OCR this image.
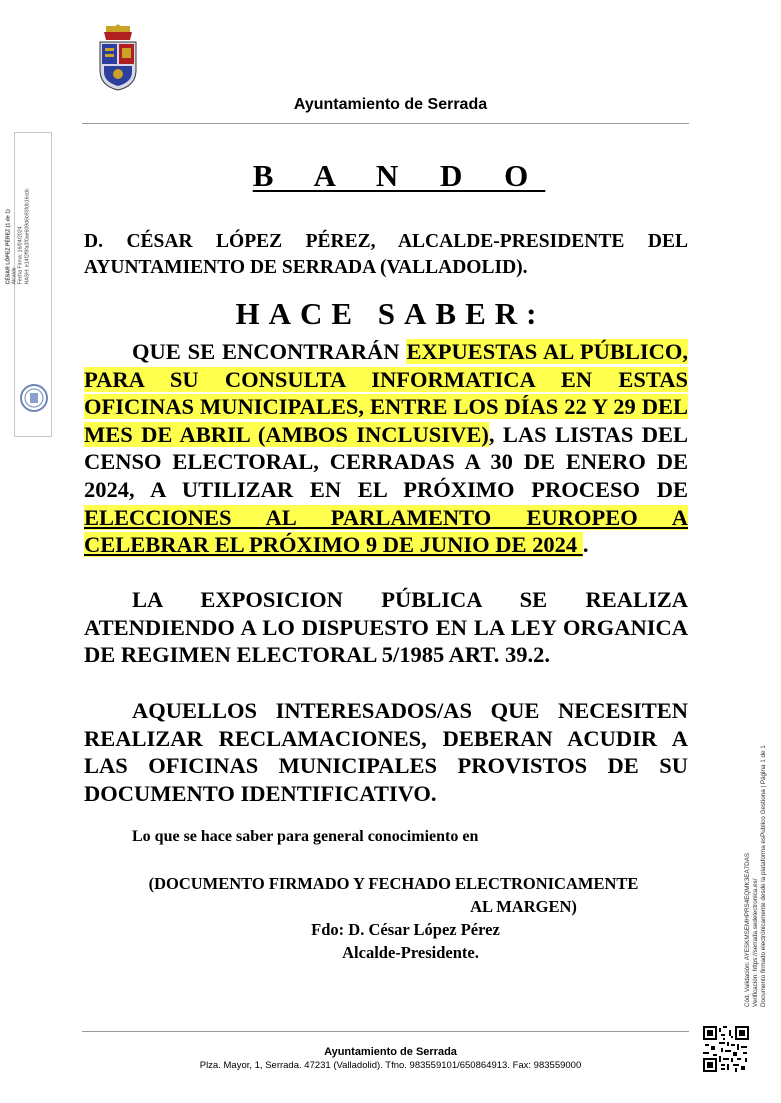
Ayuntamiento de Serrada
CÉSAR LÓPEZ PÉREZ (1 de 1) Alcalde Fecha Firma: 16/04/2024 HASH: e14f2f9fa3f0ae609d6b93fdb16cdc
B A N D O
D. CÉSAR LÓPEZ PÉREZ, ALCALDE-PRESIDENTE DEL AYUNTAMIENTO DE SERRADA (VALLADOLID).
HACE SABER:
QUE SE ENCONTRARÁN EXPUESTAS AL PÚBLICO, PARA SU CONSULTA INFORMATICA EN ESTAS OFICINAS MUNICIPALES, ENTRE LOS DÍAS 22 Y 29 DEL MES DE ABRIL (AMBOS INCLUSIVE), LAS LISTAS DEL CENSO ELECTORAL, CERRADAS A 30 DE ENERO DE 2024, A UTILIZAR EN EL PRÓXIMO PROCESO DE ELECCIONES AL PARLAMENTO EUROPEO A CELEBRAR EL PRÓXIMO 9 DE JUNIO DE 2024 .
LA EXPOSICION PÚBLICA SE REALIZA ATENDIENDO A LO DISPUESTO EN LA LEY ORGANICA DE REGIMEN ELECTORAL 5/1985 ART. 39.2.
AQUELLOS INTERESADOS/AS QUE NECESITEN REALIZAR RECLAMACIONES, DEBERAN ACUDIR A LAS OFICINAS MUNICIPALES PROVISTOS DE SU DOCUMENTO IDENTIFICATIVO.
Lo que se hace saber para general conocimiento en
(DOCUMENTO FIRMADO Y FECHADO ELECTRONICAMENTE
AL MARGEN)
Fdo: D. César López Pérez
Alcalde-Presidente.	Cód. Validación: AYESKMSEMHPRS4EQMK3EA7DAS Verificación: https://serrada.sedelectronica.es/ Documento firmado electrónicamente desde la plataforma esPublico Gestiona | Página 1 de 1
Ayuntamiento de Serrada
Plza. Mayor, 1, Serrada. 47231 (Valladolid). Tfno. 983559101/650864913. Fax: 983559000
